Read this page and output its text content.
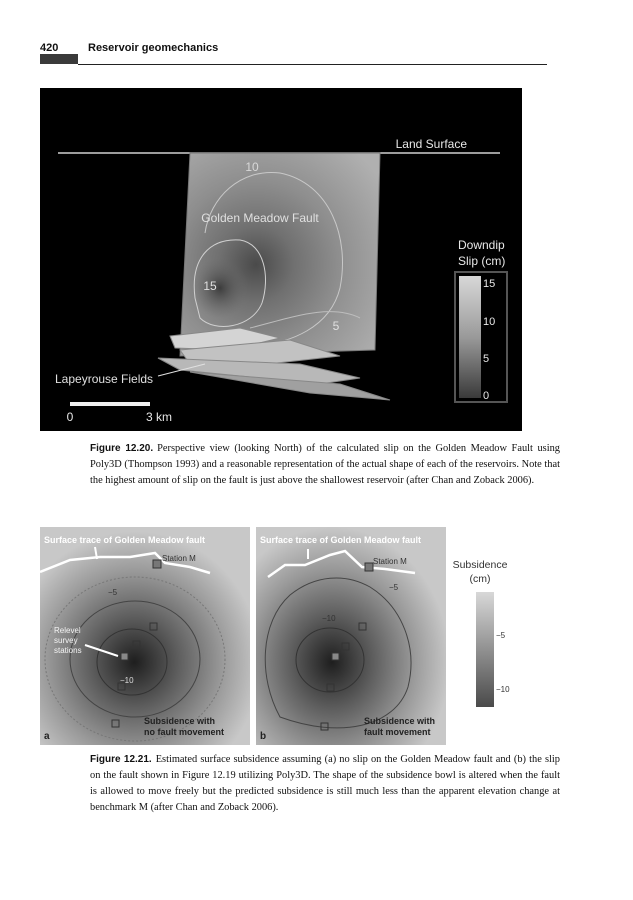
420	Reservoir geomechanics
Land Surface
10
Golden Meadow Fault
15
5
Lapeyrouse Fields
0	3 km
Downdip
Slip (cm)
15
10
5
0
Figure 12.20. Perspective view (looking North) of the calculated slip on the Golden Meadow Fault using Poly3D (Thompson 1993) and a reasonable representation of the actual shape of each of the reservoirs. Note that the highest amount of slip on the fault is just above the shallowest reservoir (after Chan and Zoback 2006).
Surface trace of Golden Meadow fault
Station M
−5
−10
Relevel
survey
stations
Subsidence with
no fault movement
a
Surface trace of Golden Meadow fault
Station M
−5
−10
Subsidence with
fault movement
b
Subsidence
(cm)
−5
−10
Figure 12.21. Estimated surface subsidence assuming (a) no slip on the Golden Meadow fault and (b) the slip on the fault shown in Figure 12.19 utilizing Poly3D. The shape of the subsidence bowl is altered when the fault is allowed to move freely but the predicted subsidence is still much less than the apparent elevation change at benchmark M (after Chan and Zoback 2006).
